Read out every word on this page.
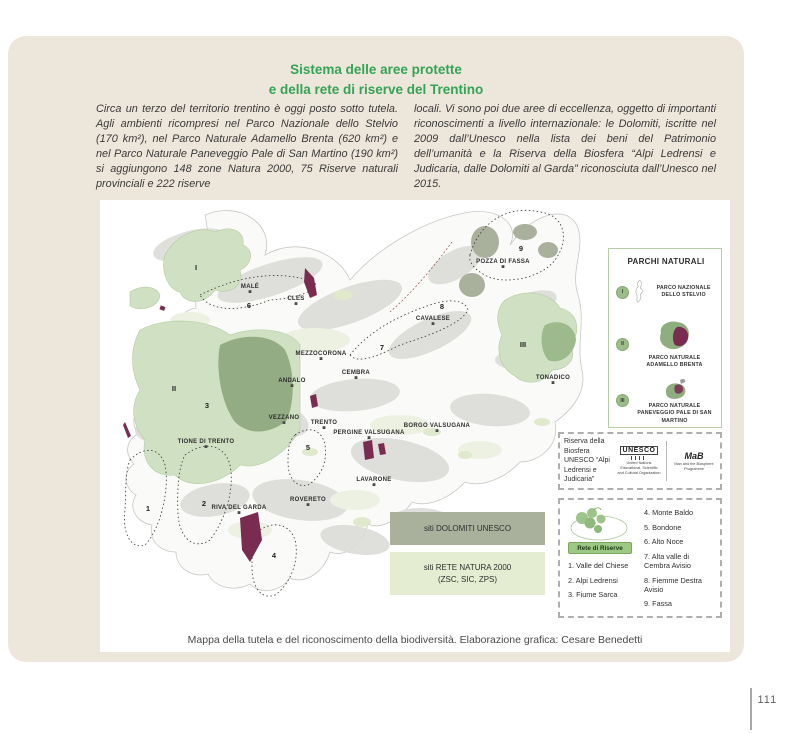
Sistema delle aree protette
e della rete di riserve del Trentino

Circa un terzo del territorio trentino è oggi posto sotto tutela. Agli ambienti ricompresi nel Parco Nazionale dello Stelvio (170 km²), nel Parco Naturale Adamello Brenta (620 km²) e nel Parco Naturale Paneveggio Pale di San Martino (190 km²) si aggiungono 148 zone Natura 2000, 75 Riserve naturali provinciali e 222 riserve

locali. Vi sono poi due aree di eccellenza, oggetto di importanti riconoscimenti a livello internazionale: le Dolomiti, iscritte nel 2009 dall’Unesco nella lista dei beni del Patrimonio dell’umanità e la Riserva della Biosfera “Alpi Ledrensi e Judicaria, dalle Dolomiti al Garda” riconosciuta dall’Unesco nel 2015.

MALÉ
CLES
MEZZOCORONA
ANDALO
VEZZANO
TRENTO
PERGINE VALSUGANA
BORGO VALSUGANA
LAVARONE
ROVERETO
RIVA DEL GARDA
TIONE DI TRENTO
CEMBRA
CAVALESE
POZZA DI FASSA
TONADICO
I
6
II
3
5
7
8
9
III
1
2
4
PARCHI NATURALI
I
PARCO NAZIONALE DELLO STELVIO
II
PARCO NATURALE ADAMELLO BRENTA
III
PARCO NATURALE PANEVEGGIO PALE DI SAN MARTINO
Riserva della Biosfera UNESCO “Alpi Ledrensi e Judicaria”
UNESCO
United Nations Educational, Scientific and Cultural Organization
MaB
Man and the Biosphere Programme
Rete di Riserve
1. Valle del Chiese
2. Alpi Ledrensi
3. Fiume Sarca
4. Monte Baldo
5. Bondone
6. Alto Noce
7. Alta valle di Cembra Avisio
8. Fiemme Destra Avisio
9. Fassa
siti DOLOMITI UNESCO
siti RETE NATURA 2000
(ZSC, SIC, ZPS)
Mappa della tutela e del riconoscimento della biodiversità. Elaborazione grafica: Cesare Benedetti
111
